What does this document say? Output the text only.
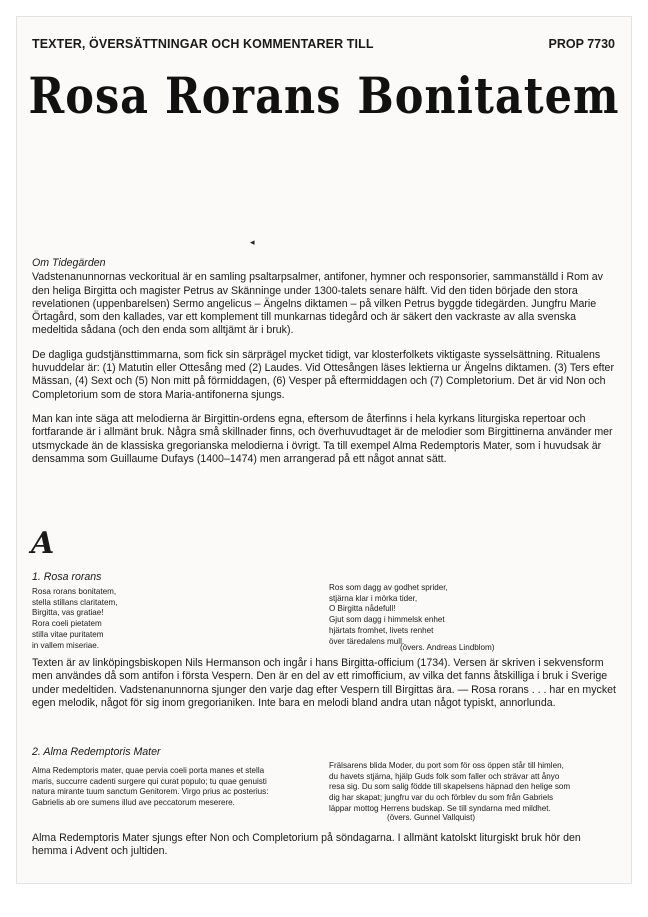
TEXTER, ÖVERSÄTTNINGAR OCH KOMMENTARER TILL	PROP 7730
Rosa Rorans Bonitatem
◂
Om Tidegärden

Vadstenanunnornas veckoritual är en samling psaltarpsalmer, antifoner, hymner och responsorier, sammanställd i Rom av den heliga Birgitta och magister Petrus av Skänninge under 1300-talets senare hälft. Vid den tiden började den stora revelationen (uppenbarelsen) Sermo angelicus – Ängelns diktamen – på vilken Petrus byggde tidegärden. Jungfru Marie Örtagård, som den kallades, var ett komplement till munkarnas tidegård och är säkert den vackraste av alla svenska medeltida sådana (och den enda som alltjämt är i bruk).

De dagliga gudstjänsttimmarna, som fick sin särprägel mycket tidigt, var klosterfolkets viktigaste sysselsättning. Ritualens huvuddelar är: (1) Matutin eller Ottesång med (2) Laudes. Vid Ottesången läses lektierna ur Ängelns diktamen. (3) Ters efter Mässan, (4) Sext och (5) Non mitt på förmiddagen, (6) Vesper på eftermiddagen och (7) Completorium. Det är vid Non och Completorium som de stora Maria-antifonerna sjungs.

Man kan inte säga att melodierna är Birgittin-ordens egna, eftersom de återfinns i hela kyrkans liturgiska repertoar och fortfarande är i allmänt bruk. Några små skillnader finns, och överhuvudtaget är de melodier som Birgittinerna använder mer utsmyckade än de klassiska gregorianska melodierna i övrigt. Ta till exempel Alma Redemptoris Mater, som i huvudsak är densamma som Guillaume Dufays (1400–1474) men arrangerad på ett något annat sätt.

A
1. Rosa rorans
Rosa rorans bonitatem,
stella stillans claritatem,
Birgitta, vas gratiae!
Rora coeli pietatem
stilla vitae puritatem
in vallem miseriae.
Ros som dagg av godhet sprider,
stjärna klar i mörka tider,
O Birgitta nådefull!
Gjut som dagg i himmelsk enhet
hjärtats fromhet, livets renhet
över täredalens mull.
(övers. Andreas Lindblom)
Texten är av linköpingsbiskopen Nils Hermanson och ingår i hans Birgitta-officium (1734). Versen är skriven i sekvensform men användes då som antifon i första Vespern. Den är en del av ett rimofficium, av vilka det fanns åtskilliga i bruk i Sverige under medeltiden. Vadstenanunnorna sjunger den varje dag efter Vespern till Birgittas ära. — Rosa rorans . . . har en mycket egen melodik, något för sig inom gregorianiken. Inte bara en melodi bland andra utan något typiskt, annorlunda.
2. Alma Redemptoris Mater
Alma Redemptoris mater, quae pervia coeli porta manes et stella
maris, succurre cadenti surgere qui curat populo; tu quae genuisti
natura mirante tuum sanctum Genitorem. Virgo prius ac posterius:
Gabrielis ab ore sumens illud ave peccatorum meserere.
Frälsarens blida Moder, du port som för oss öppen står till himlen,
du havets stjärna, hjälp Guds folk som faller och strävar att ånyo
resa sig. Du som salig födde till skapelsens häpnad den helige som
dig har skapat; jungfru var du och förblev du som från Gabriels
läppar mottog Herrens budskap. Se till syndarna med mildhet.
(övers. Gunnel Vallquist)
Alma Redemptoris Mater sjungs efter Non och Completorium på söndagarna. I allmänt katolskt liturgiskt bruk hör den hemma i Advent och jultiden.
